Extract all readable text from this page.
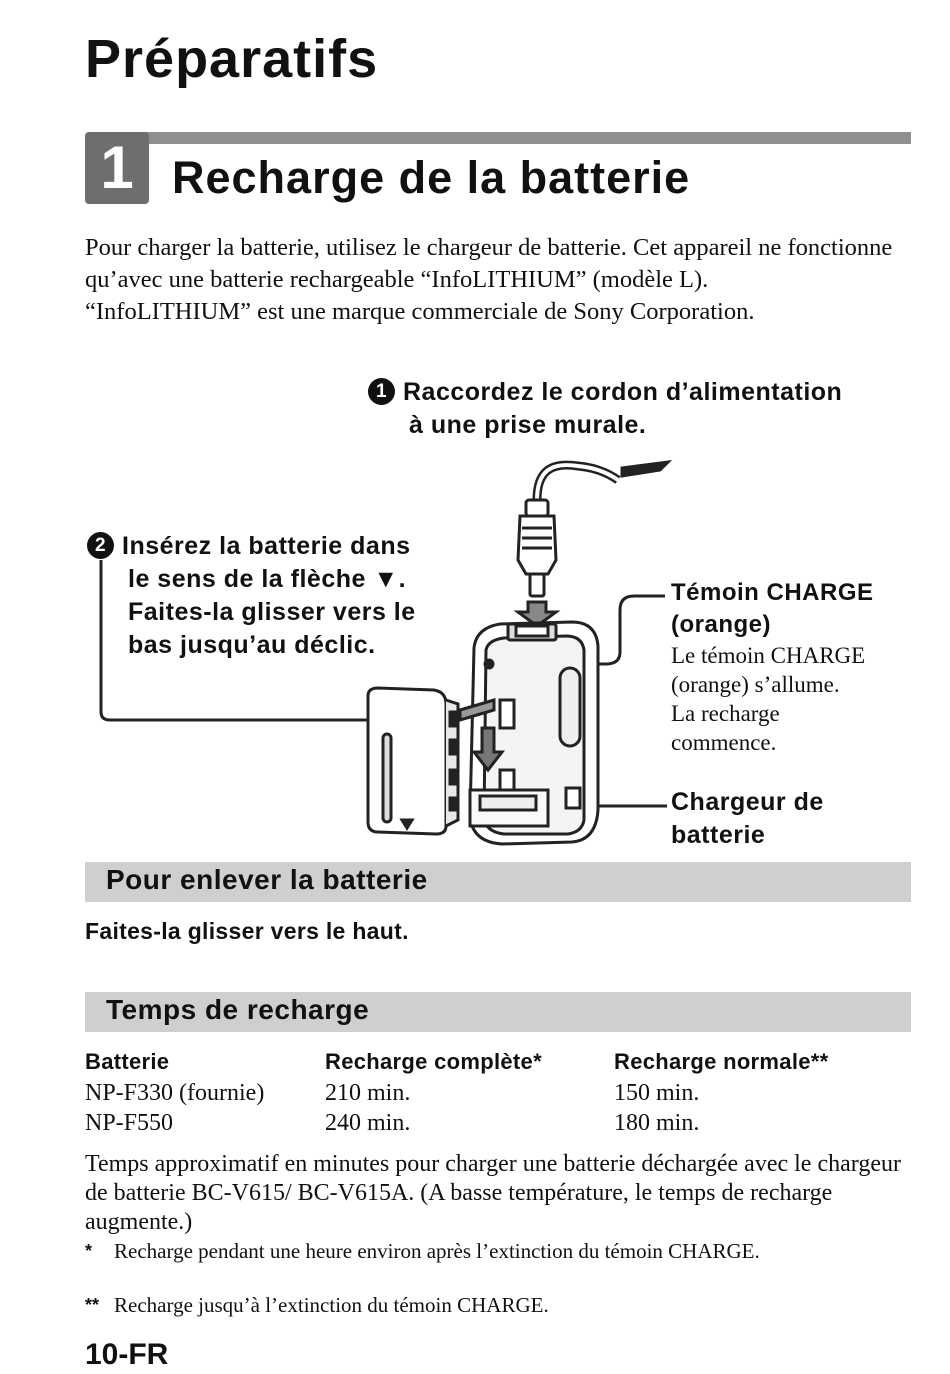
Préparatifs
1 Recharge de la batterie

Pour charger la batterie, utilisez le chargeur de batterie. Cet appareil ne fonctionne qu’avec une batterie rechargeable “InfoLITHIUM” (modèle L).

“InfoLITHIUM” est une marque commerciale de Sony Corporation.

1 Raccordez le cordon d’alimentation
à une prise murale.
2 Insérez la batterie dans
le sens de la flèche ▼.
Faites-la glisser vers le
bas jusqu’au déclic.
Témoin CHARGE
(orange)
Le témoin CHARGE
(orange) s’allume.
La recharge
commence.
Chargeur de
batterie
Pour enlever la batterie
Faites-la glisser vers le haut.
Temps de recharge
Batterie	Recharge complète*	Recharge normale**
NP-F330 (fournie)	210 min.	150 min.
NP-F550	240 min.	180 min.
Temps approximatif en minutes pour charger une batterie déchargée avec le chargeur de batterie BC-V615/ BC-V615A. (A basse température, le temps de recharge augmente.)
*	Recharge pendant une heure environ après l’extinction du témoin CHARGE.
** Recharge jusqu’à l’extinction du témoin CHARGE.
10-FR
